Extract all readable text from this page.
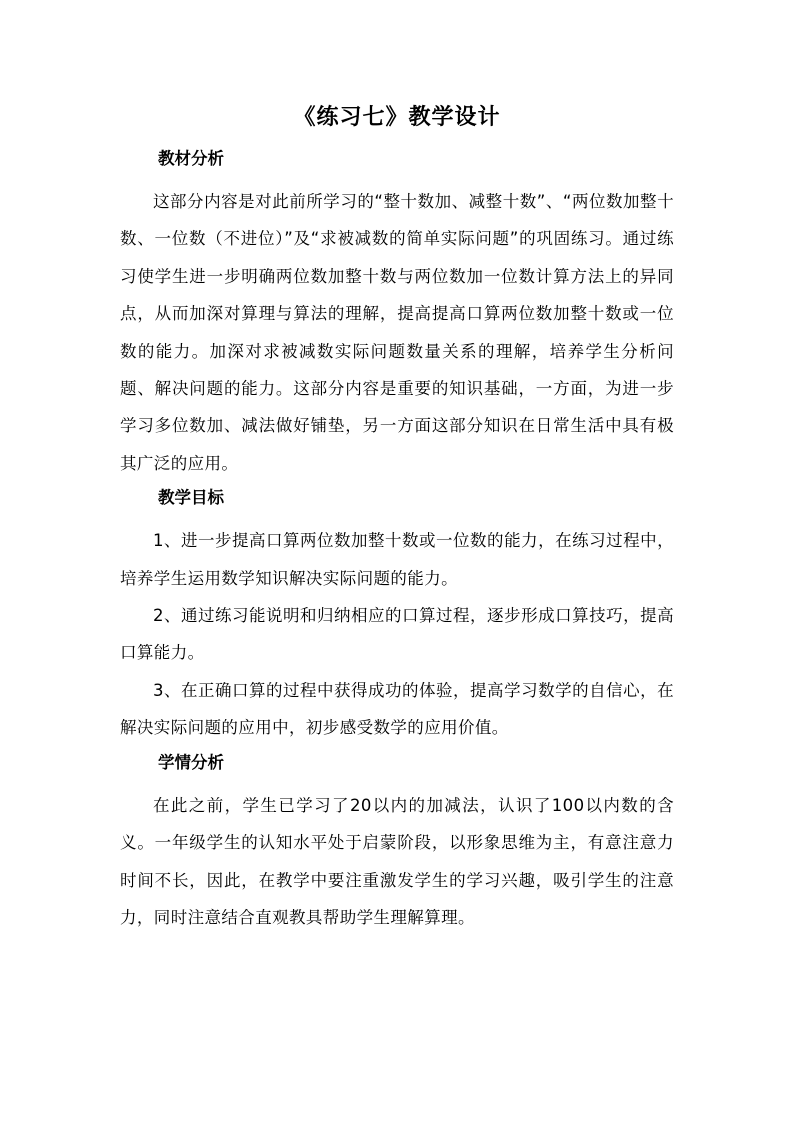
《练习七》教学设计
教材分析

这部分内容是对此前所学习的“整十数加、减整十数”、“两位数加整十数、一位数（不进位）”及“求被减数的简单实际问题”的巩固练习。通过练习使学生进一步明确两位数加整十数与两位数加一位数计算方法上的异同点，从而加深对算理与算法的理解，提高提高口算两位数加整十数或一位数的能力。加深对求被减数实际问题数量关系的理解，培养学生分析问题、解决问题的能力。这部分内容是重要的知识基础，一方面，为进一步学习多位数加、减法做好铺垫，另一方面这部分知识在日常生活中具有极其广泛的应用。

教学目标

1、进一步提高口算两位数加整十数或一位数的能力，在练习过程中，培养学生运用数学知识解决实际问题的能力。

2、通过练习能说明和归纳相应的口算过程，逐步形成口算技巧，提高口算能力。

3、在正确口算的过程中获得成功的体验，提高学习数学的自信心，在解决实际问题的应用中，初步感受数学的应用价值。

学情分析

在此之前，学生已学习了20以内的加减法，认识了100以内数的含义。一年级学生的认知水平处于启蒙阶段，以形象思维为主，有意注意力时间不长，因此，在教学中要注重激发学生的学习兴趣，吸引学生的注意力，同时注意结合直观教具帮助学生理解算理。
